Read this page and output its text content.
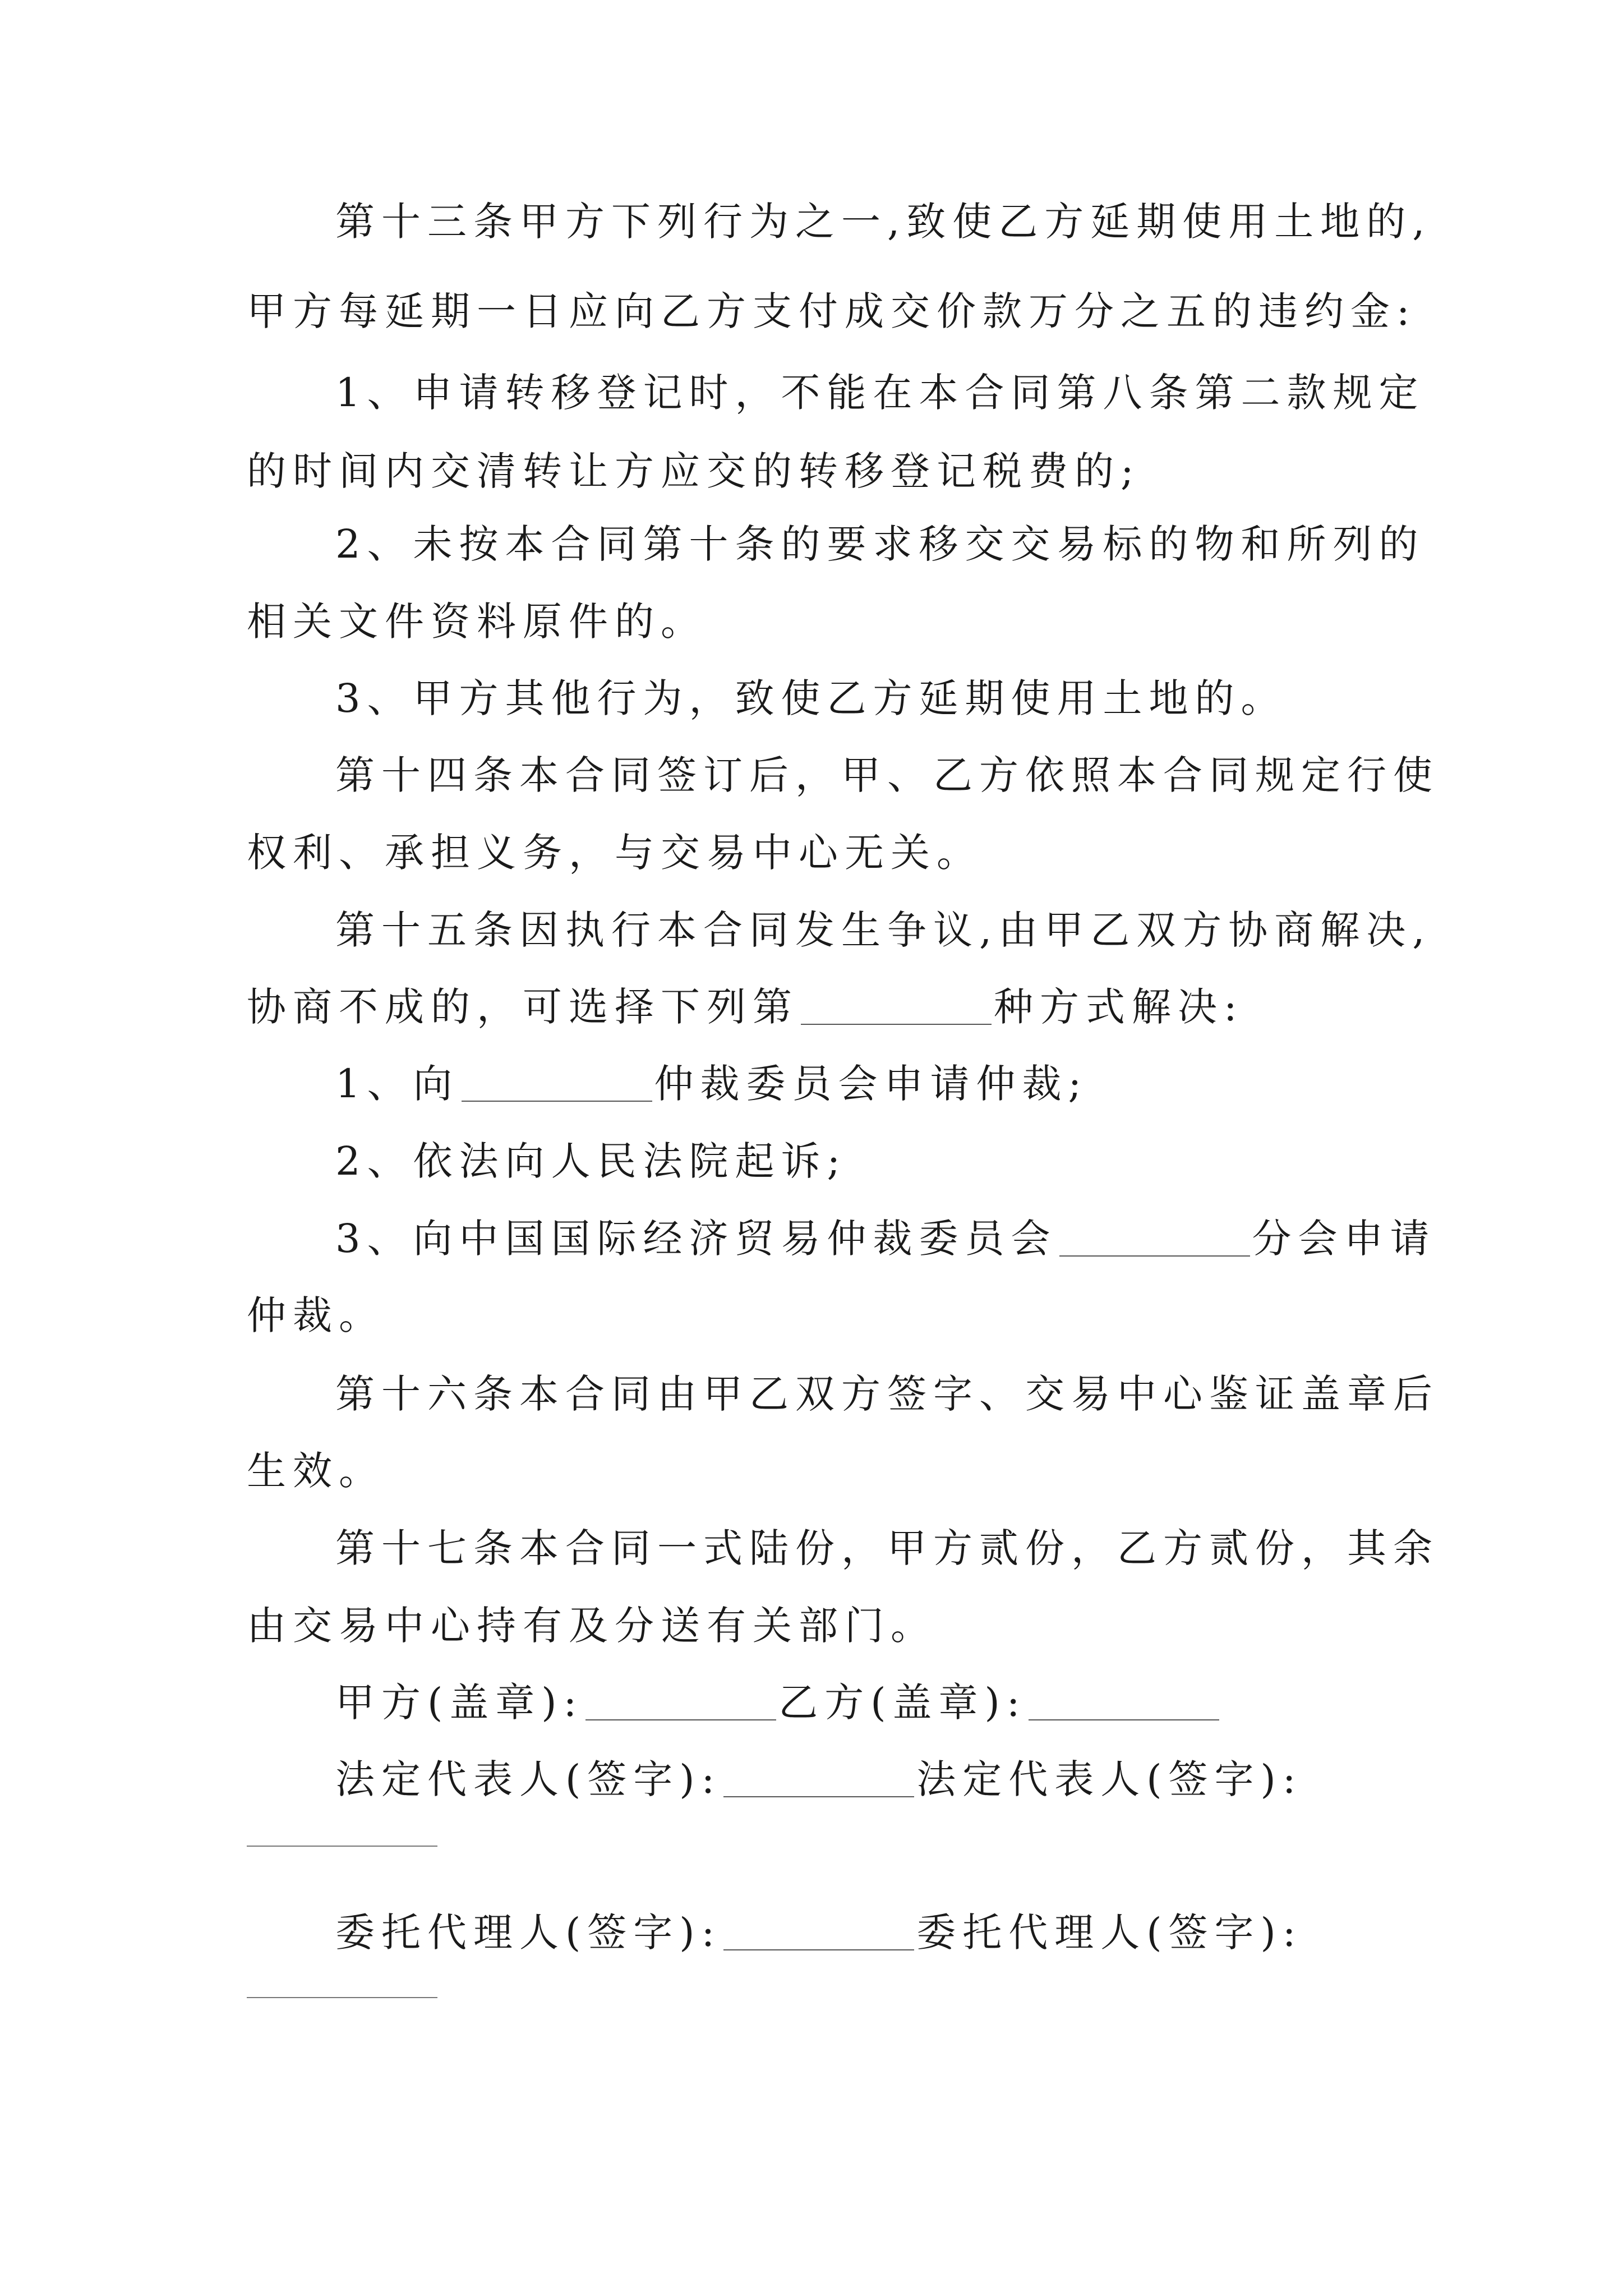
第十三条甲方下列行为之一,致使乙方延期使用土地的,
甲方每延期一日应向乙方支付成交价款万分之五的违约金:
1、申请转移登记时，不能在本合同第八条第二款规定
的时间内交清转让方应交的转移登记税费的;
2、未按本合同第十条的要求移交交易标的物和所列的
相关文件资料原件的。
3、甲方其他行为，致使乙方延期使用土地的。
第十四条本合同签订后，甲、乙方依照本合同规定行使
权利、承担义务，与交易中心无关。
第十五条因执行本合同发生争议,由甲乙双方协商解决,
协商不成的，可选择下列第	种方式解决:
1、向	仲裁委员会申请仲裁;
2、依法向人民法院起诉;
3、向中国国际经济贸易仲裁委员会	分会申请
仲裁。
第十六条本合同由甲乙双方签字、交易中心鉴证盖章后
生效。
第十七条本合同一式陆份，甲方贰份，乙方贰份，其余
由交易中心持有及分送有关部门。
甲方(盖章):	乙方(盖章):
法定代表人(签字):	法定代表人(签字):
委托代理人(签字):	委托代理人(签字):
